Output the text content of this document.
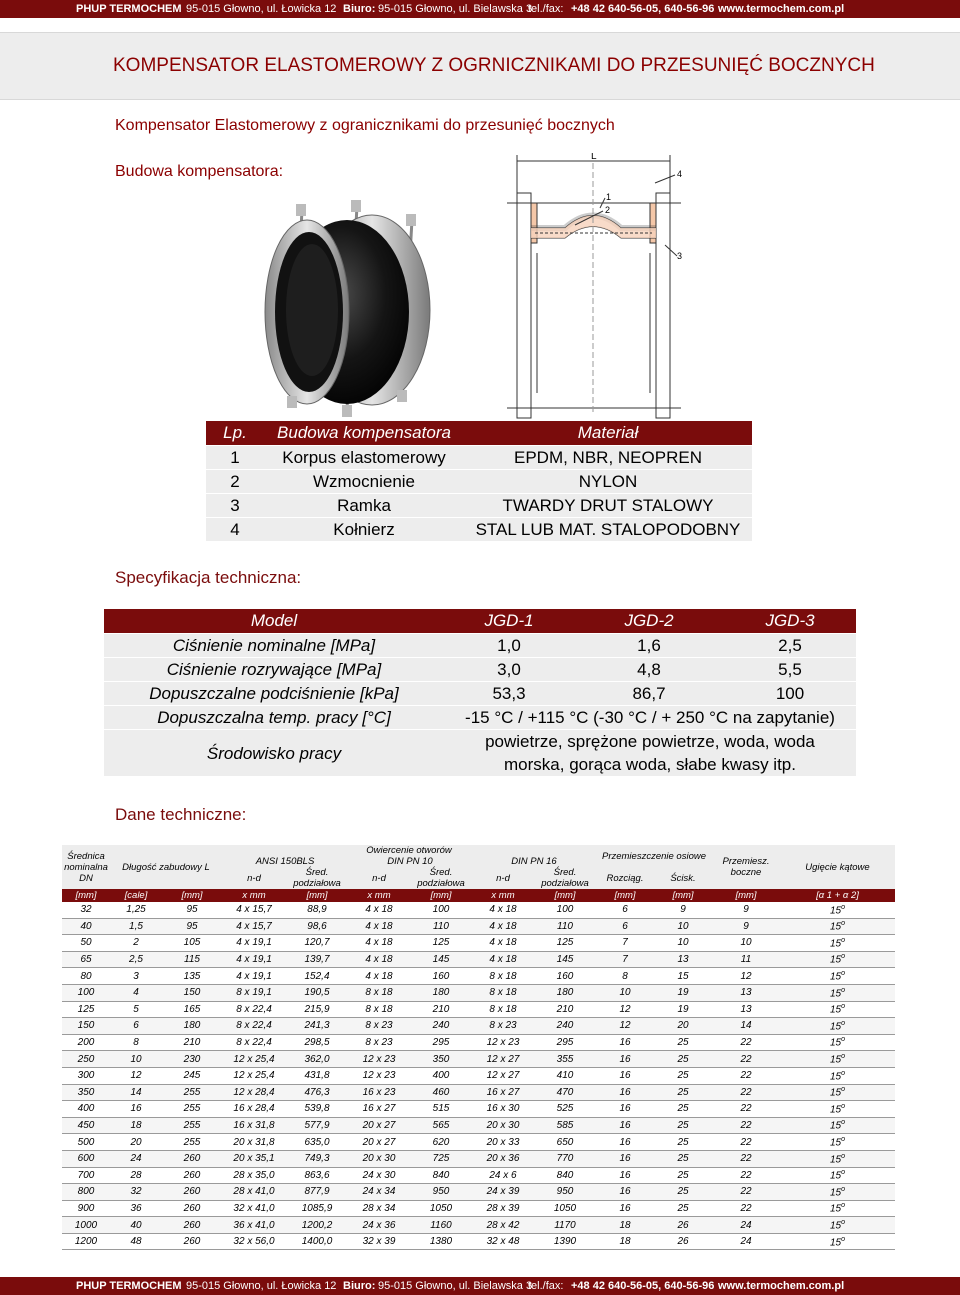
PHUP TERMOCHEM 95-015 Głowno, ul. Łowicka 12 Biuro: 95-015 Głowno, ul. Bielawska 3
tel./fax: +48 42 640-56-05, 640-56-96 www.termochem.com.pl
KOMPENSATOR ELASTOMEROWY Z OGRNICZNIKAMI DO PRZESUNIĘĆ BOCZNYCH
Kompensator Elastomerowy z ogranicznikami do przesunięć bocznych
Budowa kompensatora:
L
1
2
3
4
Lp.	Budowa kompensatora	Materiał
1	Korpus elastomerowy	EPDM, NBR, NEOPREN
2	Wzmocnienie	NYLON
3	Ramka	TWARDY DRUT STALOWY
4	Kołnierz	STAL LUB MAT. STALOPODOBNY
Specyfikacja techniczna:
Model	JGD-1	JGD-2	JGD-3
Ciśnienie nominalne [MPa]	1,0	1,6	2,5
Ciśnienie rozrywające [MPa]	3,0	4,8	5,5
Dopuszczalne podciśnienie [kPa]	53,3	86,7	100
Dopuszczalna temp. pracy [°C]	-15 °C / +115 °C (-30 °C / + 250 °C na zapytanie)		
Środowisko pracy	powietrze, sprężone powietrze, woda, woda
morska, gorąca woda, słabe kwasy itp.		
Dane techniczne:
Średnica nominalna DN	Długość zabudowy L		Owiercenie otworów						Przemieszczenie osiowe		Przemiesz. boczne	Ugięcie kątowe
			ANSI 150BLS		DIN PN 10		DIN PN 16					
			n-d	Śred. podziałowa	n-d	Śred. podziałowa	n-d	Śred. podziałowa	Rozciąg.	Ścisk.		
[mm]	[cale]	[mm]	x mm	[mm]	x mm	[mm]	x mm	[mm]	[mm]	[mm]	[mm]	[α 1 + α 2]
32	1,25	95	4 x 15,7	88,9	4 x 18	100	4 x 18	100	6	9	9	15$^o$
40	1,5	95	4 x 15,7	98,6	4 x 18	110	4 x 18	110	6	10	9	15$^o$
50	2	105	4 x 19,1	120,7	4 x 18	125	4 x 18	125	7	10	10	15$^o$
65	2,5	115	4 x 19,1	139,7	4 x 18	145	4 x 18	145	7	13	11	15$^o$
80	3	135	4 x 19,1	152,4	4 x 18	160	8 x 18	160	8	15	12	15$^o$
100	4	150	8 x 19,1	190,5	8 x 18	180	8 x 18	180	10	19	13	15$^o$
125	5	165	8 x 22,4	215,9	8 x 18	210	8 x 18	210	12	19	13	15$^o$
150	6	180	8 x 22,4	241,3	8 x 23	240	8 x 23	240	12	20	14	15$^o$
200	8	210	8 x 22,4	298,5	8 x 23	295	12 x 23	295	16	25	22	15$^o$
250	10	230	12 x 25,4	362,0	12 x 23	350	12 x 27	355	16	25	22	15$^o$
300	12	245	12 x 25,4	431,8	12 x 23	400	12 x 27	410	16	25	22	15$^o$
350	14	255	12 x 28,4	476,3	16 x 23	460	16 x 27	470	16	25	22	15$^o$
400	16	255	16 x 28,4	539,8	16 x 27	515	16 x 30	525	16	25	22	15$^o$
450	18	255	16 x 31,8	577,9	20 x 27	565	20 x 30	585	16	25	22	15$^o$
500	20	255	20 x 31,8	635,0	20 x 27	620	20 x 33	650	16	25	22	15$^o$
600	24	260	20 x 35,1	749,3	20 x 30	725	20 x 36	770	16	25	22	15$^o$
700	28	260	28 x 35,0	863,6	24 x 30	840	24 x 6	840	16	25	22	15$^o$
800	32	260	28 x 41,0	877,9	24 x 34	950	24 x 39	950	16	25	22	15$^o$
900	36	260	32 x 41,0	1085,9	28 x 34	1050	28 x 39	1050	16	25	22	15$^o$
1000	40	260	36 x 41,0	1200,2	24 x 36	1160	28 x 42	1170	18	26	24	15$^o$
1200	48	260	32 x 56,0	1400,0	32 x 39	1380	32 x 48	1390	18	26	24	15$^o$
PHUP TERMOCHEM 95-015 Głowno, ul. Łowicka 12 Biuro: 95-015 Głowno, ul. Bielawska 3
tel./fax: +48 42 640-56-05, 640-56-96 www.termochem.com.pl
